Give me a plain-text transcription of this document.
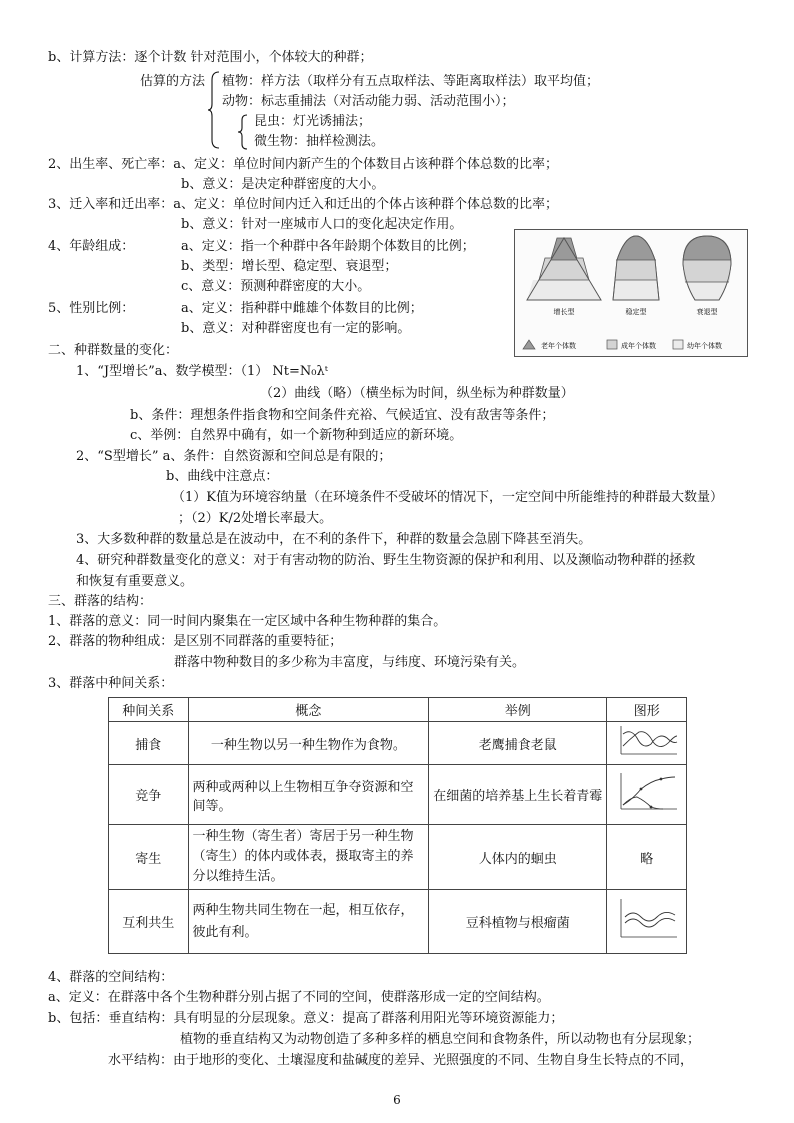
b、计算方法：逐个计数 针对范围小，个体较大的种群；
估算的方法 植物：样方法（取样分有五点取样法、等距离取样法）取平均值；
动物：标志重捕法（对活动能力弱、活动范围小）；
昆虫：灯光诱捕法；
微生物：抽样检测法。
2、出生率、死亡率：a、定义：单位时间内新产生的个体数目占该种群个体总数的比率；
b、意义：是决定种群密度的大小。
3、迁入率和迁出率：a、定义：单位时间内迁入和迁出的个体占该种群个体总数的比率；
b、意义：针对一座城市人口的变化起决定作用。
4、年龄组成：	a、定义：指一个种群中各年龄期个体数目的比例；
b、类型：增长型、稳定型、衰退型；
c、意义：预测种群密度的大小。
5、性别比例：	a、定义：指种群中雌雄个体数目的比例；
b、意义：对种群密度也有一定的影响。
增长型	稳定型	衰退型
老年个体数	成年个体数	幼年个体数
二、种群数量的变化：
1、“J型增长”a、数学模型：（1） Nt=N₀λᵗ
（2）曲线（略）（横坐标为时间，纵坐标为种群数量）
b、条件：理想条件指食物和空间条件充裕、气候适宜、没有敌害等条件；
c、举例：自然界中确有，如一个新物种到适应的新环境。
2、“S型增长” a、条件：自然资源和空间总是有限的；
b、曲线中注意点：
（1）K值为环境容纳量（在环境条件不受破坏的情况下，一定空间中所能维持的种群最大数量）
；（2）K/2处增长率最大。
3、大多数种群的数量总是在波动中，在不利的条件下，种群的数量会急剧下降甚至消失。
4、研究种群数量变化的意义：对于有害动物的防治、野生生物资源的保护和利用、以及濒临动物种群的拯救
和恢复有重要意义。
三、群落的结构：
1、群落的意义：同一时间内聚集在一定区域中各种生物种群的集合。
2、群落的物种组成：是区别不同群落的重要特征；
群落中物种数目的多少称为丰富度，与纬度、环境污染有关。
3、群落中种间关系：
种间关系	概念	举例	图形
捕食	一种生物以另一种生物作为食物。	老鹰捕食老鼠	
竞争	两种或两种以上生物相互争夺资源和空间等。	在细菌的培养基上生长着青霉	
寄生	一种生物（寄生者）寄居于另一种生物（寄生）的体内或体表，摄取寄主的养分以维持生活。	人体内的蛔虫	略
互利共生	两种生物共同生物在一起，相互依存，彼此有利。	豆科植物与根瘤菌	
4、群落的空间结构：
a、定义：在群落中各个生物种群分别占据了不同的空间，使群落形成一定的空间结构。
b、包括：垂直结构：具有明显的分层现象。意义：提高了群落利用阳光等环境资源能力；
植物的垂直结构又为动物创造了多种多样的栖息空间和食物条件，所以动物也有分层现象；
水平结构：由于地形的变化、土壤湿度和盐碱度的差异、光照强度的不同、生物自身生长特点的不同，
6
